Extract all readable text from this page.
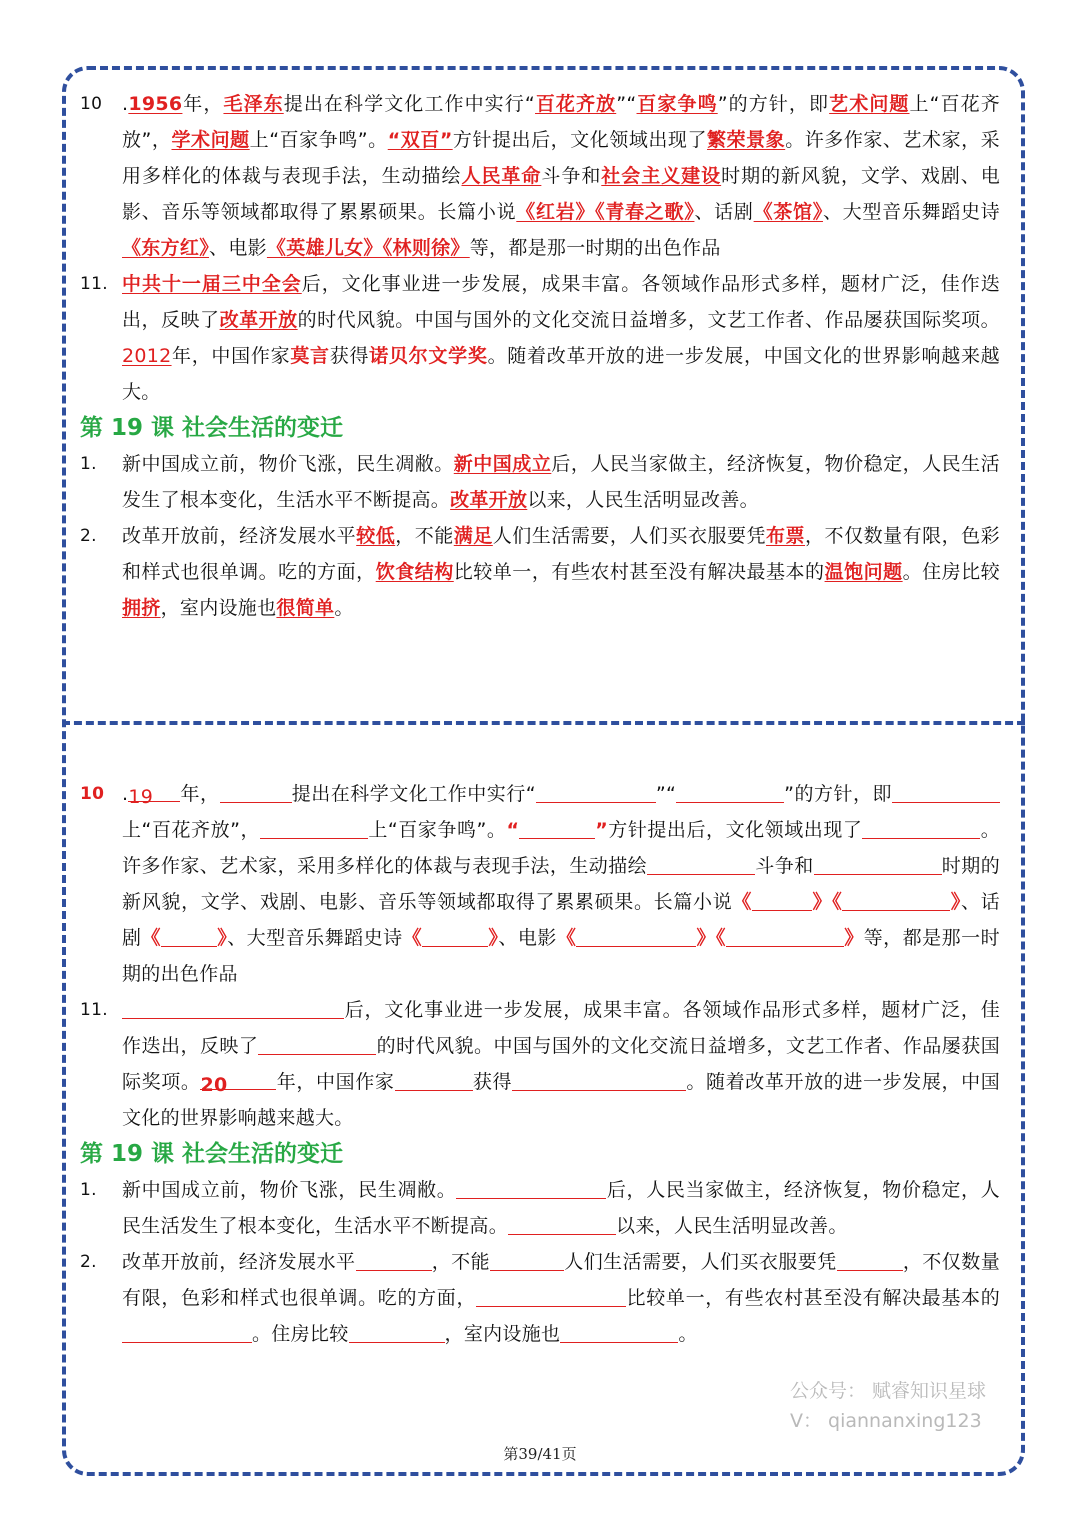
10 .1956年，毛泽东提出在科学文化工作中实行“百花齐放”“百家争鸣”的方针，即艺术问题上“百花齐放”，学术问题上“百家争鸣”。“双百”方针提出后，文化领域出现了繁荣景象。许多作家、艺术家，采用多样化的体裁与表现手法，生动描绘人民革命斗争和社会主义建设时期的新风貌，文学、戏剧、电影、音乐等领域都取得了累累硕果。长篇小说《红岩》《青春之歌》、话剧《茶馆》、大型音乐舞蹈史诗《东方红》、电影《英雄儿女》《林则徐》等，都是那一时期的出色作品

11. 中共十一届三中全会后，文化事业进一步发展，成果丰富。各领域作品形式多样，题材广泛，佳作迭出，反映了改革开放的时代风貌。中国与国外的文化交流日益增多，文艺工作者、作品屡获国际奖项。2012年，中国作家莫言获得诺贝尔文学奖。随着改革开放的进一步发展，中国文化的世界影响越来越大。

第 19 课 社会生活的变迁

1. 新中国成立前，物价飞涨，民生凋敝。新中国成立后，人民当家做主，经济恢复，物价稳定，人民生活发生了根本变化，生活水平不断提高。改革开放以来，人民生活明显改善。

2. 改革开放前，经济发展水平较低，不能满足人们生活需要，人们买衣服要凭布票，不仅数量有限，色彩和样式也很单调。吃的方面，饮食结构比较单一，有些农村甚至没有解决最基本的温饱问题。住房比较拥挤，室内设施也很简单。

10 .19 年，	提出在科学文化工作中实行“	”“	”的方针，即上“百花齐放”，	上“百家争鸣”。“	”方针提出后，文化领域出现了	。许多作家、艺术家，采用多样化的体裁与表现手法，生动描绘	斗争和	时期的新风貌，文学、戏剧、电影、音乐等领域都取得了累累硕果。长篇小说《	》《	》、话剧《	》、大型音乐舞蹈史诗《	》、电影《	》《	》等，都是那一时期的出色作品

11.	后，文化事业进一步发展，成果丰富。各领域作品形式多样，题材广泛，佳作迭出，反映了	的时代风貌。中国与国外的文化交流日益增多，文艺工作者、作品屡获国际奖项。20	年，中国作家	获得	。随着改革开放的进一步发展，中国文化的世界影响越来越大。

第 19 课 社会生活的变迁

1. 新中国成立前，物价飞涨，民生凋敝。	后，人民当家做主，经济恢复，物价稳定，人民生活发生了根本变化，生活水平不断提高。	以来，人民生活明显改善。

2. 改革开放前，经济发展水平	，不能	人们生活需要，人们买衣服要凭	，不仅数量有限，色彩和样式也很单调。吃的方面，	比较单一，有些农村甚至没有解决最基本的。住房比较	，室内设施也	。

公众号： 赋睿知识星球
V： qiannanxing123
第39/41页
